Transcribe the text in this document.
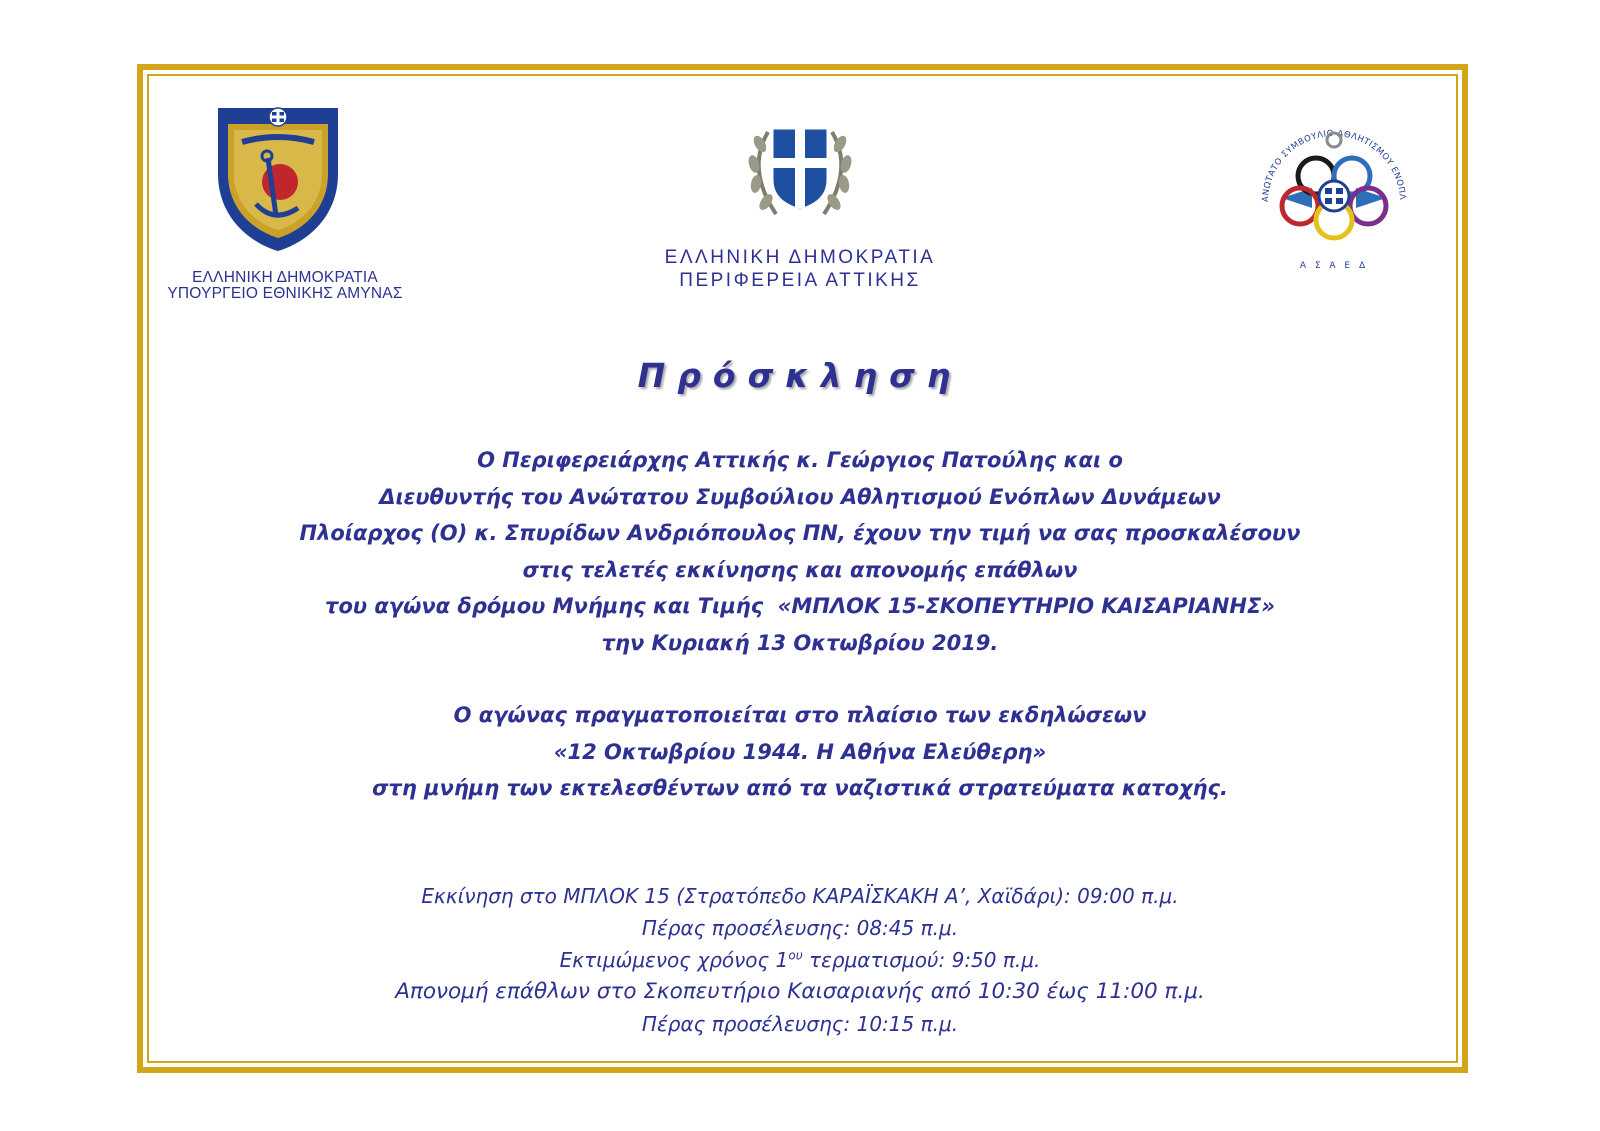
ΕΛΛΗΝΙΚΗ ΔΗΜΟΚΡΑΤΙΑ
ΥΠΟΥΡΓΕΙΟ ΕΘΝΙΚΗΣ ΑΜΥΝΑΣ
ΕΛΛΗΝΙΚΗ ΔΗΜΟΚΡΑΤΙΑ
ΠΕΡΙΦΕΡΕΙΑ ΑΤΤΙΚΗΣ
ΑΝΩΤΑΤΟ ΣΥΜΒΟΥΛΙΟ ΑΘΛΗΤΙΣΜΟΥ ΕΝΟΠΛ
Α Σ Α Ε Δ
Πρόσκληση
Ο Περιφερειάρχης Αττικής κ. Γεώργιος Πατούλης και ο
Διευθυντής του Ανώτατου Συμβούλιου Αθλητισμού Ενόπλων Δυνάμεων
Πλοίαρχος (Ο) κ. Σπυρίδων Ανδριόπουλος ΠΝ, έχουν την τιμή να σας προσκαλέσουν
στις τελετές εκκίνησης και απονομής επάθλων
του αγώνα δρόμου Μνήμης και Τιμής  «ΜΠΛΟΚ 15-ΣΚΟΠΕΥΤΗΡΙΟ ΚΑΙΣΑΡΙΑΝΗΣ»
την Κυριακή 13 Οκτωβρίου 2019.
Ο αγώνας πραγματοποιείται στο πλαίσιο των εκδηλώσεων
«12 Οκτωβρίου 1944. Η Αθήνα Ελεύθερη»
στη μνήμη των εκτελεσθέντων από τα ναζιστικά στρατεύματα κατοχής.
Εκκίνηση στο ΜΠΛΟΚ 15 (Στρατόπεδο ΚΑΡΑΪΣΚΑΚΗ Α’, Χαϊδάρι): 09:00 π.μ.
Πέρας προσέλευσης: 08:45 π.μ.
Εκτιμώμενος χρόνος $1^{o\upsilon}$ τερματισμού: 9:50 π.μ.
Απονομή επάθλων στο Σκοπευτήριο Καισαριανής από 10:30 έως 11:00 π.μ.
Πέρας προσέλευσης: 10:15 π.μ.
